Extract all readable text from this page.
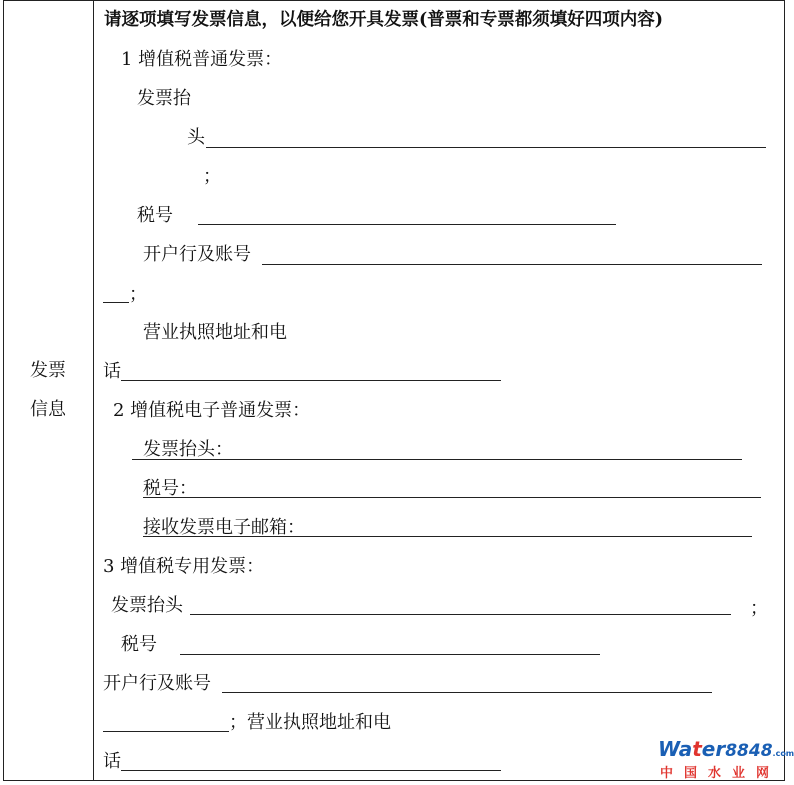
发票
信息
请逐项填写发票信息，以便给您开具发票(普票和专票都须填好四项内容)
1 增值税普通发票：
发票抬
头
；
税号
开户行及账号
；
营业执照地址和电
话
2 增值税电子普通发票：
发票抬头：
税号：
接收发票电子邮箱：
3 增值税专用发票：
发票抬头	；
税号
开户行及账号
；营业执照地址和电
话
Water8848.com
中国水业网
